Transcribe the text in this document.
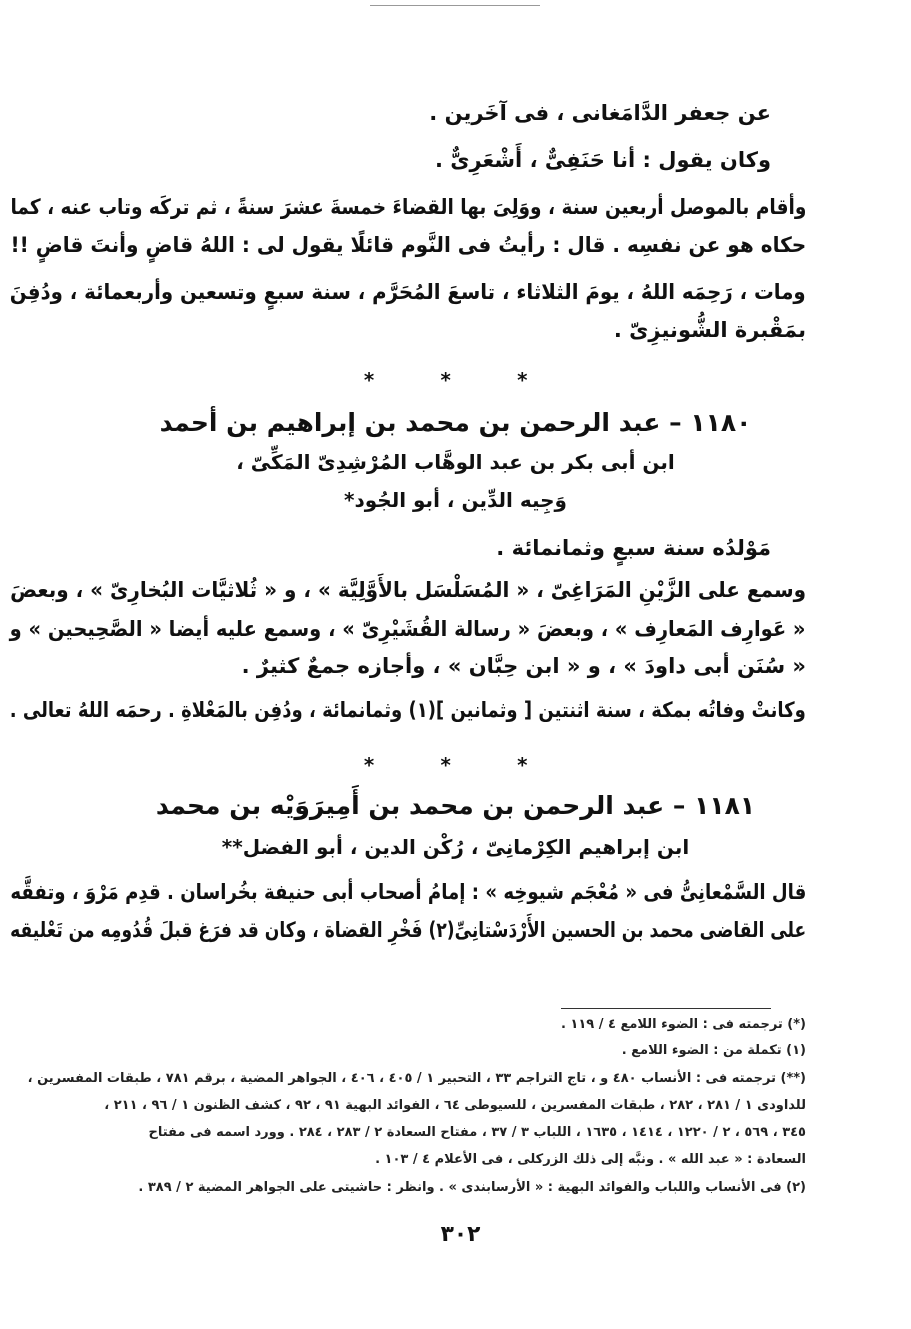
عن جعفر الدَّامَغانى ، فى آخَرين .
وكان يقول : أنا حَنَفِىٌّ ، أَشْعَرِىٌّ .
وأقام بالموصل أربعين سنة ، ووَلِىَ بها القضاءَ خمسةَ عشرَ سنةً ، ثم تركَه وتاب عنه ، كما
حكاه هو عن نفسِه . قال : رأيتُ فى النَّوم قائلًا يقول لى : اللهُ قاضٍ وأنتَ قاضٍ !!
ومات ، رَحِمَه اللهُ ، يومَ الثلاثاء ، تاسعَ المُحَرَّم ، سنة سبعٍ وتسعين وأربعمائة ، ودُفِنَ
بمَقْبرة الشُّونيزِىّ .
* * *
١١٨٠ – عبد الرحمن بن محمد بن إبراهيم بن أحمد
ابن أبى بكر بن عبد الوهَّاب المُرْشِدِىّ المَكِّىّ ،
وَجِيه الدِّين ، أبو الجُود*
مَوْلدُه سنة سبعٍ وثمانمائة .
وسمع على الزَّيْنِ المَرَاغِىّ ، « المُسَلْسَل بالأَوَّلِيَّة » ، و « ثُلاثيَّات البُخارِىّ » ، وبعضَ
« عَوارِف المَعارِف » ، وبعضَ « رسالة القُشَيْرِىّ » ، وسمع عليه أيضا « الصَّحِيحين » و
« سُنَن أبى داودَ » ، و « ابن حِبَّان » ، وأجازه جمعٌ كثيرٌ .
وكانتْ وفاتُه بمكة ، سنة اثنتين [ وثمانين ](١) وثمانمائة ، ودُفِن بالمَعْلاةِ . رحمَه اللهُ تعالى .
* * *
١١٨١ – عبد الرحمن بن محمد بن أَمِيرَوَيْه بن محمد
ابن إبراهيم الكِرْمانِىّ ، رُكْن الدين ، أبو الفضل**
قال السَّمْعانِىُّ فى « مُعْجَم شيوخِه » : إمامُ أصحاب أبى حنيفة بخُراسان . قدِم مَرْوَ ، وتفقَّه
على القاضى محمد بن الحسين الأَرْدَسْتانِىِّ(٢) فَخْرِ القضاة ، وكان قد فرَغ قبلَ قُدُومِه من تَعْليقه
(*) ترجمته فى : الضوء اللامع ٤ / ١١٩ .
(١) تكملة من : الضوء اللامع .
(**) ترجمته فى : الأنساب ٤٨٠ و ، تاج التراجم ٣٣ ، التحبير ١ / ٤٠٥ ، ٤٠٦ ، الجواهر المضية ، برقم ٧٨١ ، طبقات المفسرين ،
للداودى ١ / ٢٨١ ، ٢٨٢ ، طبقات المفسرين ، للسيوطى ٦٤ ، الفوائد البهية ٩١ ، ٩٢ ، كشف الظنون ١ / ٩٦ ، ٢١١ ،
٣٤٥ ، ٥٦٩ ، ٢ / ١٢٢٠ ، ١٤١٤ ، ١٦٣٥ ، اللباب ٣ / ٣٧ ، مفتاح السعادة ٢ / ٢٨٣ ، ٢٨٤ . وورد اسمه فى مفتاح
السعادة : « عبد الله » . ونبَّه إلى ذلك الزركلى ، فى الأعلام ٤ / ١٠٣ .
(٢) فى الأنساب واللباب والفوائد البهية : « الأرسابندى » . وانظر : حاشيتى على الجواهر المضية ٢ / ٣٨٩ .
٣٠٢
